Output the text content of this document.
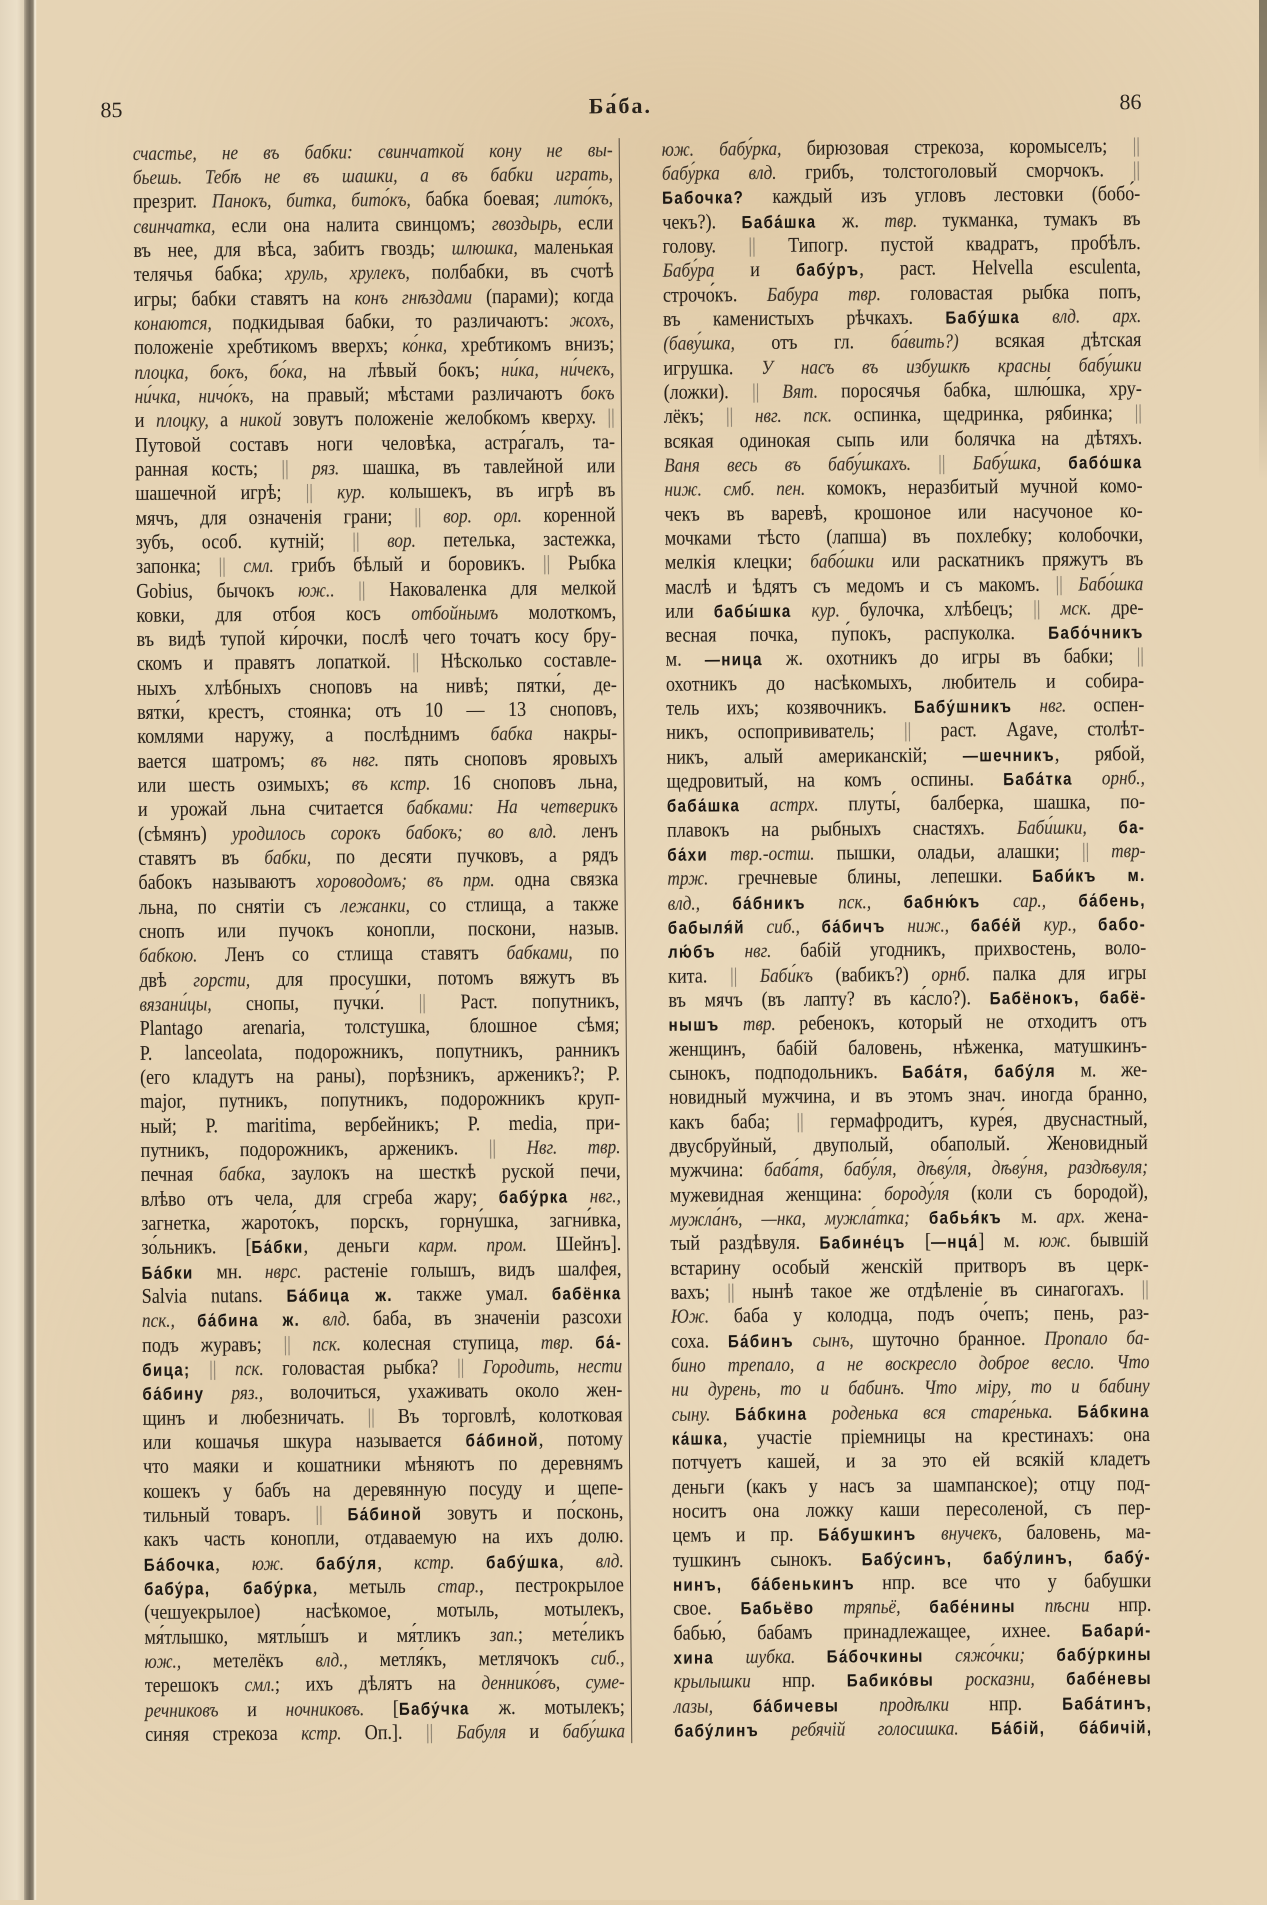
85	Ба́ба.	86
счастье, не въ бабки: свинчаткой кону не вы-
бьешь. Тебѣ не въ шашки, а въ бабки играть,
презрит. Панокъ, битка, бито́къ, бабка боевая; лито́къ,
свинчатка, если она налита свинцомъ; гвоздырь, если
въ нее, для вѣса, забитъ гвоздь; шлюшка, маленькая
телячья бабка; хруль, хрулекъ, полбабки, въ счотѣ
игры; бабки ставятъ на конъ гнѣздами (парами); когда
конаются, подкидывая бабки, то различаютъ: жохъ,
положеніе хребтикомъ вверхъ; ко́нка, хребтикомъ внизъ;
плоцка, бокъ, бо́ка, на лѣвый бокъ; ни́ка, ни́чекъ,
ни́чка, ничо́къ, на правый; мѣстами различаютъ бокъ
и плоцку, а никой зовутъ положеніе желобкомъ кверху. ||
Путовой составъ ноги человѣка, астра́галъ, та-
ранная кость; || ряз. шашка, въ тавлейной или
шашечной игрѣ; || кур. колышекъ, въ игрѣ въ
мячъ, для означенія грани; || вор. орл. коренной
зубъ, особ. кутній; || вор. петелька, застежка,
запонка; || смл. грибъ бѣлый и боровикъ. || Рыбка
Gobius, бычокъ юж.. || Наковаленка для мелкой
ковки, для отбоя косъ отбойнымъ молоткомъ,
въ видѣ тупой ки́рочки, послѣ чего точатъ косу бру-
скомъ и правятъ лопаткой. || Нѣсколько составле-
ныхъ хлѣбныхъ сноповъ на нивѣ; пятки́, де-
вятки́, крестъ, стоянка; отъ 10 — 13 сноповъ,
комлями наружу, а послѣднимъ бабка накры-
вается шатромъ; въ нвг. пять сноповъ яровыхъ
или шесть озимыхъ; въ кстр. 16 сноповъ льна,
и урожай льна считается бабками: На четверикъ
(сѣмянъ) уродилось сорокъ бабокъ; во влд. ленъ
ставятъ въ бабки, по десяти пучковъ, а рядъ
бабокъ называютъ хороводомъ; въ прм. одна связка
льна, по снятіи съ лежанки, со стлища, а также
снопъ или пучокъ конопли, поскони, назыв.
бабкою. Ленъ со стлища ставятъ бабками, по
двѣ горсти, для просушки, потомъ вяжутъ въ
вязани́цы, снопы, пучки́. || Раст. попутникъ,
Plantago arenaria, толстушка, блошное сѣмя;
P. lanceolata, подорожникъ, попутникъ, ранникъ
(его кладутъ на раны), порѣзникъ, арженикъ?; P.
major, путникъ, попутникъ, подорожникъ круп-
ный; P. maritima, вербейникъ; P. media, при-
путникъ, подорожникъ, арженикъ. || Нвг. твр.
печная бабка, заулокъ на шесткѣ руской печи,
влѣво отъ чела, для сгреба жару; бабу́рка нвг.,
загнетка, жарото́къ, порскъ, горну́шка, загни́вка,
зо́льникъ. [Ба́бки, деньги карм. пром. Шейнъ].
Ба́бки мн. нврс. растеніе голышъ, видъ шалфея,
Salvia nutans. Ба́бица ж. также умал. бабёнка
пск., ба́бина ж. влд. баба, въ значеніи разсохи
подъ журавъ; || пск. колесная ступица, твр. ба́-
бица; || пск. головастая рыбка? || Городить, нести
ба́бину ряз., волочиться, ухаживать около жен-
щинъ и любезничать. || Въ торговлѣ, колотковая
или кошачья шкура называется ба́биной, потому
что маяки и кошатники мѣняютъ по деревнямъ
кошекъ у бабъ на деревянную посуду и щепе-
тильный товаръ. || Ба́биной зовутъ и по́сконь,
какъ часть конопли, отдаваемую на ихъ долю.
Ба́бочка, юж. бабу́ля, кстр. бабу́шка, влд.
бабу́ра, бабу́рка, метыль стар., пестрокрылое
(чешуекрылое) насѣкомое, мотыль, мотылекъ,
мя́тлышко, мятлы́шъ и мя́тликъ зап.; мете́ликъ
юж., метелёкъ влд., метля́къ, метлячокъ сиб.,
терешокъ смл.; ихъ дѣлятъ на деннико́въ, суме-
речниковъ и ночниковъ. [Бабу́чка ж. мотылекъ;
синяя стрекоза кстр. Оп.]. || Бабуля и бабу́шка
юж. бабу́рка, бирюзовая стрекоза, коромыселъ; ||
бабу́рка влд. грибъ, толстоголовый сморчокъ. ||
Бабочка? каждый изъ угловъ лестовки (бобо́-
чекъ?). Баба́шка ж. твр. тукманка, тумакъ въ
голову. || Типогр. пустой квадратъ, пробѣлъ.
Бабу́ра и бабу́ръ, раст. Helvella esculenta,
строчо́къ. Бабура твр. головастая рыбка попъ,
въ каменистыхъ рѣчкахъ. Бабу́шка влд. арх.
(баву́шка, отъ гл. ба́вить?) всякая дѣтская
игрушка. У насъ въ избушкѣ красны бабу́шки
(ложки). || Вят. поросячья бабка, шлю́шка, хру-
лёкъ; || нвг. пск. оспинка, щедринка, рябинка; ||
всякая одинокая сыпь или болячка на дѣтяхъ.
Ваня весь въ бабу́шкахъ. || Бабу́шка, бабо́шка
ниж. смб. пен. комокъ, неразбитый мучной комо-
чекъ въ варевѣ, крошоное или насучоное ко-
мочками тѣсто (лапша) въ похлебку; колобочки,
мелкія клецки; бабо́шки или раскатникъ пряжутъ въ
маслѣ и ѣдятъ съ медомъ и съ макомъ. || Бабо́шка
или бабы́шка кур. булочка, хлѣбецъ; || мск. дре-
весная почка, пу́покъ, распуколка. Бабо́чникъ
м. —ница ж. охотникъ до игры въ бабки; ||
охотникъ до насѣкомыхъ, любитель и собира-
тель ихъ; козявочникъ. Бабу́шникъ нвг. оспен-
никъ, оспопрививатель; || раст. Agave, столѣт-
никъ, алый американскій; —шечникъ, рябой,
щедровитый, на комъ оспины. Баба́тка орнб.,
баба́шка астрх. плуты́, балберка, шашка, по-
плавокъ на рыбныхъ снастяхъ. Баби́шки, ба-
ба́хи твр.-остш. пышки, оладьи, алашки; || твр-
трж. гречневые блины, лепешки. Баби́къ м.
влд., ба́бникъ пск., бабню́къ сар., ба́бень,
бабыля́й сиб., ба́бичъ ниж., бабе́й кур., бабо-
лю́бъ нвг. бабій угодникъ, прихвостень, воло-
кита. || Баби́къ (вабикъ?) орнб. палка для игры
въ мячъ (въ лапту? въ ка́сло?). Бабёнокъ, бабё-
нышъ твр. ребенокъ, который не отходитъ отъ
женщинъ, бабій баловень, нѣженка, матушкинъ-
сынокъ, подподольникъ. Баба́тя, бабу́ля м. же-
новидный мужчина, и въ этомъ знач. иногда бранно,
какъ баба; || гермафродитъ, куре́я, двуснастный,
двусбруйный, двуполый, обаполый. Женовидный
мужчина: баба́тя, бабу́ля, дѣву́ля, дѣву́ня, раздѣвуля;
мужевидная женщина: бороду́ля (коли съ бородой),
мужла́нъ, —нка, мужла́тка; бабья́къ м. арх. жена-
тый раздѣвуля. Бабине́цъ [—нца́] м. юж. бывшій
встарину особый женскій притворъ въ церк-
вахъ; || нынѣ такое же отдѣленіе въ синагогахъ. ||
Юж. баба у колодца, подъ о́чепъ; пень, раз-
соха. Ба́бинъ сынъ, шуточно бранное. Пропало ба-
бино трепало, а не воскресло доброе весло. Что
ни дурень, то и бабинъ. Что міру, то и бабину
сыну. Ба́бкина роденька вся старе́нька. Ба́бкина
ка́шка, участіе пріемницы на крестинахъ: она
потчуетъ кашей, и за это ей всякій кладетъ
деньги (какъ у насъ за шампанское); отцу под-
носитъ она ложку каши пересоленой, съ пер-
цемъ и пр. Ба́бушкинъ внучекъ, баловень, ма-
тушкинъ сынокъ. Бабу́синъ, бабу́линъ, бабу́-
нинъ, ба́бенькинъ нпр. все что у бабушки
свое. Бабьёво тряпьё, бабе́нины пѣсни нпр.
бабью́, бабамъ принадлежащее, ихнее. Бабари́-
хина шубка. Ба́бочкины сяжо́чки; бабу́ркины
крылышки нпр. Бабико́вы росказни, бабе́невы
лазы, ба́бичевы продѣлки нпр. Баба́тинъ,
бабу́линъ ребячій голосишка. Ба́бій, ба́бичій,
